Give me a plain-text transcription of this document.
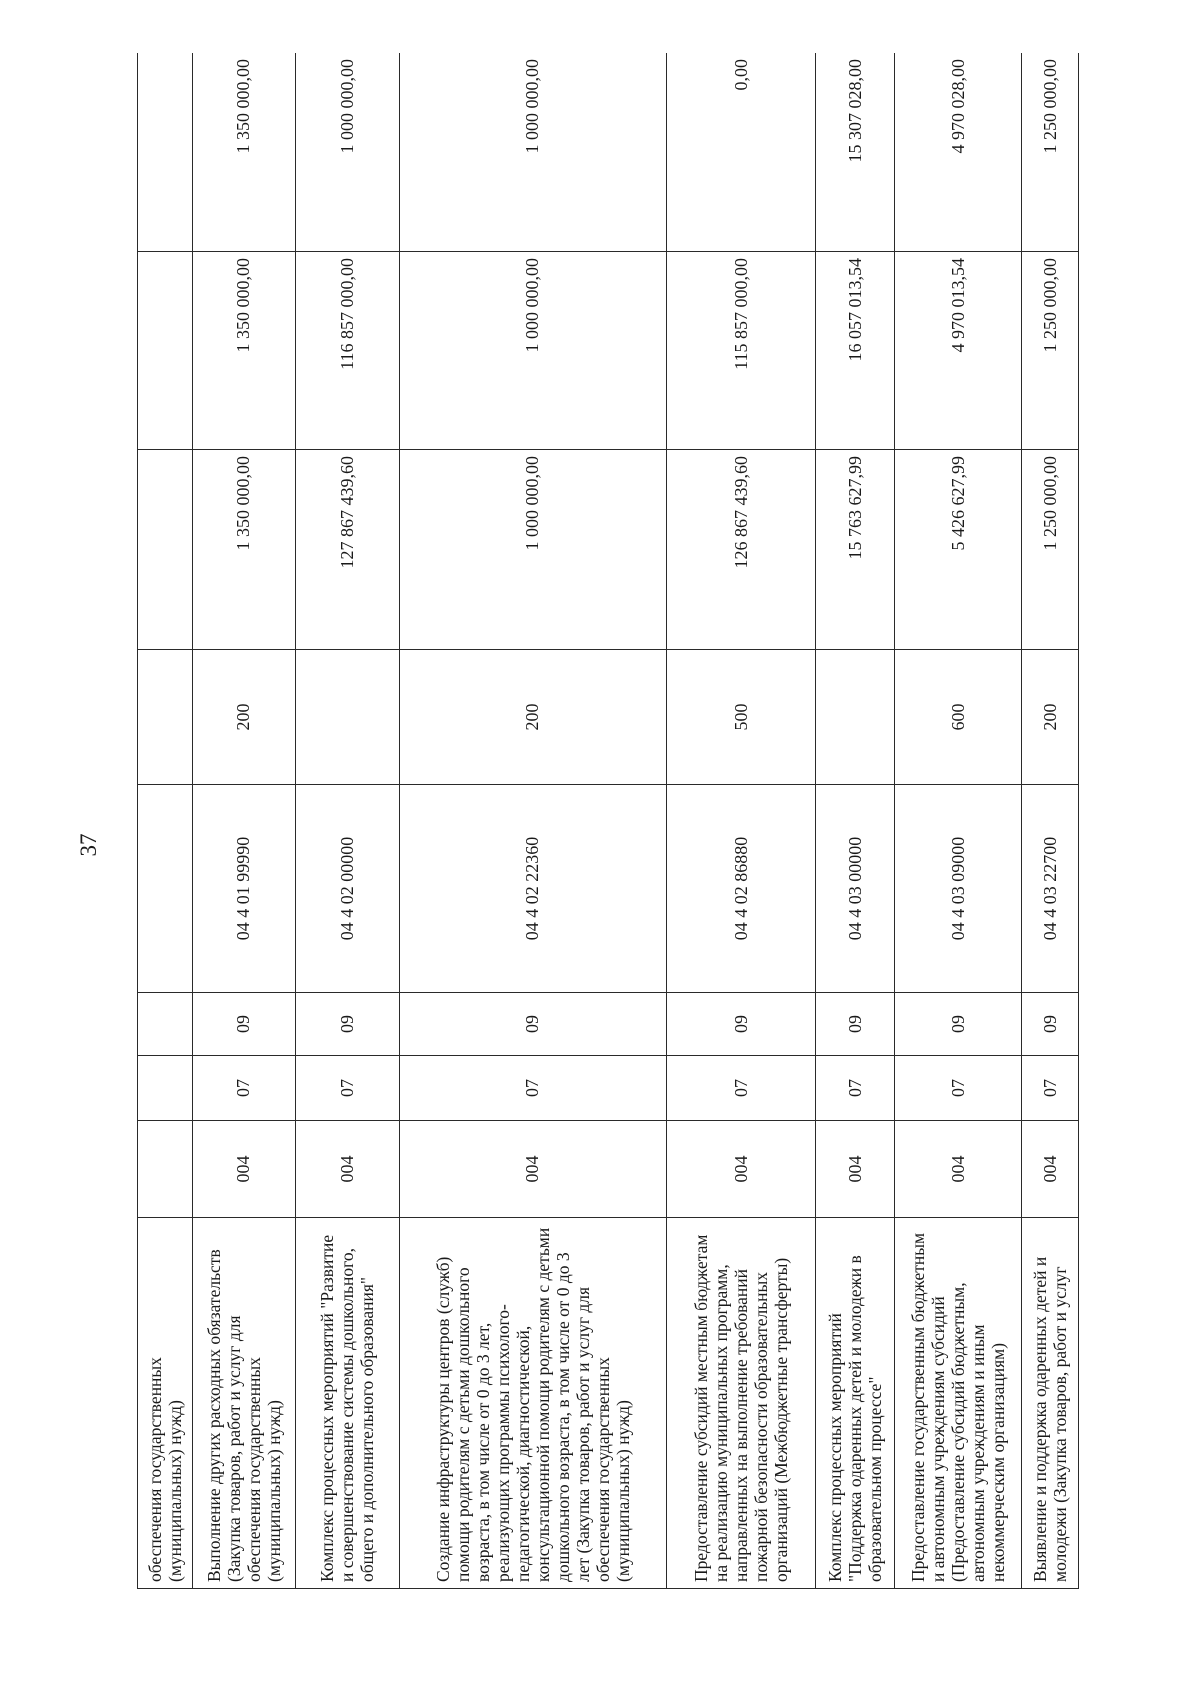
37
обеспечения государственных (муниципальных) нужд)								
Выполнение других расходных обязательств (Закупка товаров, работ и услуг для обеспечения государственных (муниципальных) нужд)	004	07	09	04 4 01 99990	200	1 350 000,00	1 350 000,00	1 350 000,00
Комплекс процессных мероприятий "Развитие и совершенствование системы дошкольного, общего и дополнительного образования"	004	07	09	04 4 02 00000		127 867 439,60	116 857 000,00	1 000 000,00
Создание инфраструктуры центров (служб) помощи родителям с детьми дошкольного возраста, в том числе от 0 до 3 лет, реализующих программы психолого-педагогической, диагностической, консультационной помощи родителям с детьми дошкольного возраста, в том числе от 0 до 3 лет (Закупка товаров, работ и услуг для обеспечения государственных (муниципальных) нужд)	004	07	09	04 4 02 22360	200	1 000 000,00	1 000 000,00	1 000 000,00
Предоставление субсидий местным бюджетам на реализацию муниципальных программ, направленных на выполнение требований пожарной безопасности образовательных организаций (Межбюджетные трансферты)	004	07	09	04 4 02 86880	500	126 867 439,60	115 857 000,00	0,00
Комплекс процессных мероприятий "Поддержка одаренных детей и молодежи в образовательном процессе"	004	07	09	04 4 03 00000		15 763 627,99	16 057 013,54	15 307 028,00
Предоставление государственным бюджетным и автономным учреждениям субсидий (Предоставление субсидий бюджетным, автономным учреждениям и иным некоммерческим организациям)	004	07	09	04 4 03 09000	600	5 426 627,99	4 970 013,54	4 970 028,00
Выявление и поддержка одаренных детей и молодежи (Закупка товаров, работ и услуг	004	07	09	04 4 03 22700	200	1 250 000,00	1 250 000,00	1 250 000,00
